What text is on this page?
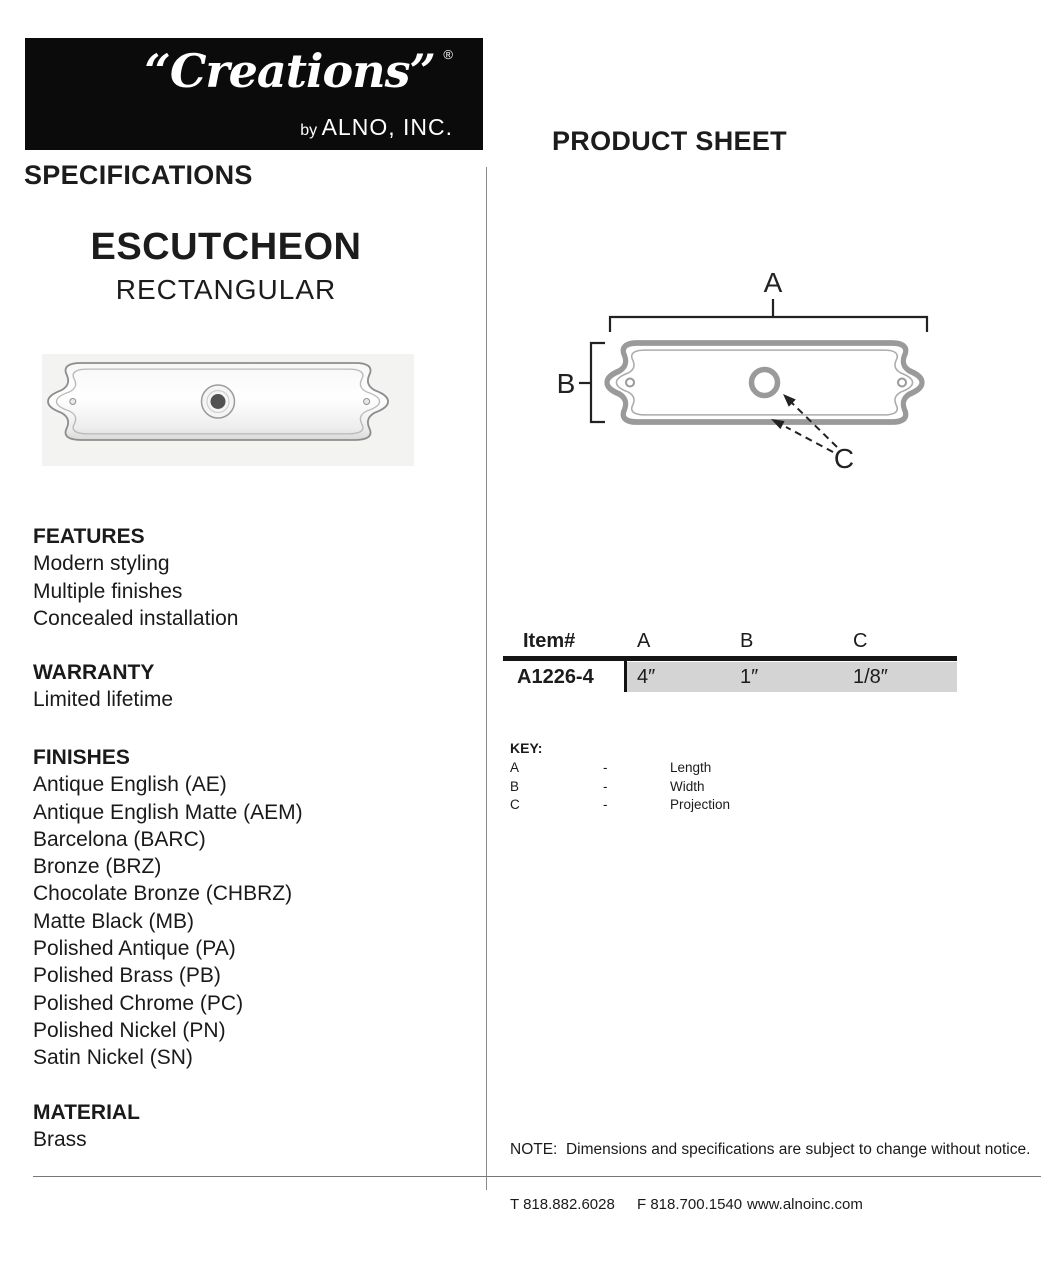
“Creations” ®
by ALNO, INC.
SPECIFICATIONS
PRODUCT SHEET
ESCUTCHEON
RECTANGULAR	A
B
C
FEATURES
Modern styling
Multiple finishes
Concealed installation
WARRANTY
Limited lifetime
FINISHES
Antique English (AE)
Antique English Matte (AEM)
Barcelona (BARC)
Bronze (BRZ)
Chocolate Bronze (CHBRZ)
Matte Black (MB)
Polished Antique (PA)
Polished Brass (PB)
Polished Chrome (PC)
Polished Nickel (PN)
Satin Nickel (SN)
MATERIAL
Brass
Item#	A	B	C
A1226-4 4″	1″	1/8″
KEY:
A	-	Length
B	-	Width
C	-	Projection
NOTE:  Dimensions and specifications are subject to change without notice.
T 818.882.6028 F 818.700.1540 www.alnoinc.com
